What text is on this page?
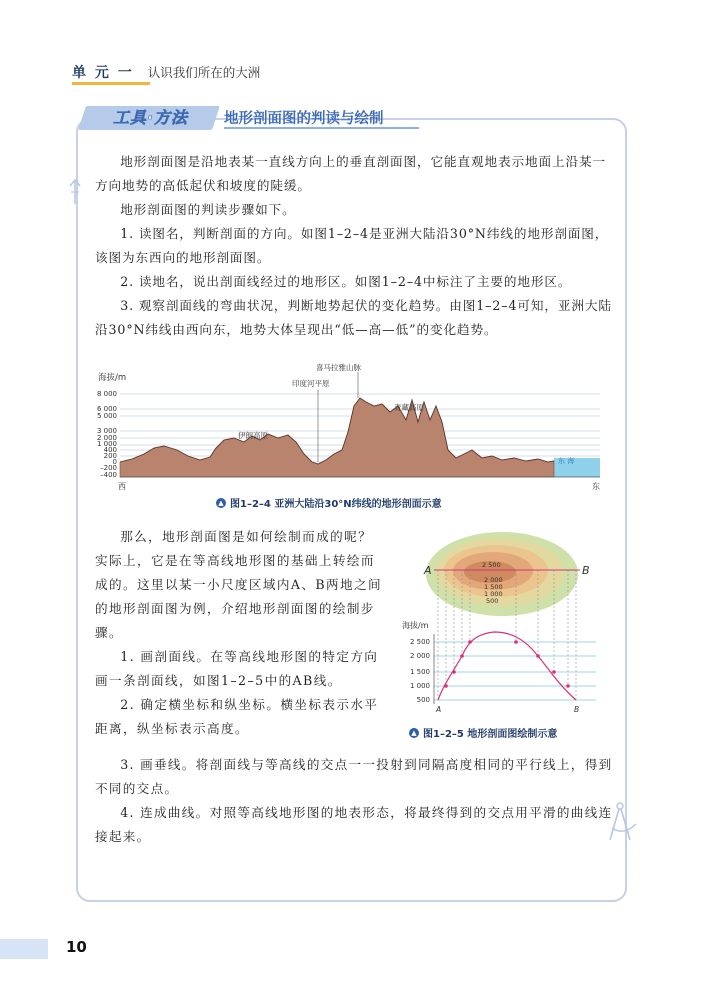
单 元 一 认识我们所在的大洲
工具·方法	地形剖面图的判读与绘制

地形剖面图是沿地表某一直线方向上的垂直剖面图，它能直观地表示地面上沿某一方向地势的高低起伏和坡度的陡缓。

地形剖面图的判读步骤如下。

1. 读图名，判断剖面的方向。如图1–2–4是亚洲大陆沿30°N纬线的地形剖面图，该图为东西向的地形剖面图。

2. 读地名，说出剖面线经过的地形区。如图1–2–4中标注了主要的地形区。

3. 观察剖面线的弯曲状况，判断地势起伏的变化趋势。由图1–2–4可知，亚洲大陆沿30°N纬线由西向东，地势大体呈现出“低—高—低”的变化趋势。

海拔/m
8 000
6 000
5 000
3 000
2 000
1 000
400
200
0
–200
–400
喜马拉雅山脉
印度河平原
青藏高原
伊朗高原
东 海
西	东
▲ 图1–2–4 亚洲大陆沿30°N纬线的地形剖面示意

那么，地形剖面图是如何绘制而成的呢？实际上，它是在等高线地形图的基础上转绘而成的。这里以某一小尺度区域内A、B两地之间的地形剖面图为例，介绍地形剖面图的绘制步骤。

1. 画剖面线。在等高线地形图的特定方向画一条剖面线，如图1–2–5中的AB线。

2. 确定横坐标和纵坐标。横坐标表示水平距离，纵坐标表示高度。

A	B
2 500
2 000
1 500
1 000
500
海拔/m
2 500
2 000
1 500
1 000
500
A	B
▲ 图1–2–5 地形剖面图绘制示意

3. 画垂线。将剖面线与等高线的交点一一投射到同隔高度相同的平行线上，得到不同的交点。

4. 连成曲线。对照等高线地形图的地表形态，将最终得到的交点用平滑的曲线连接起来。

10
